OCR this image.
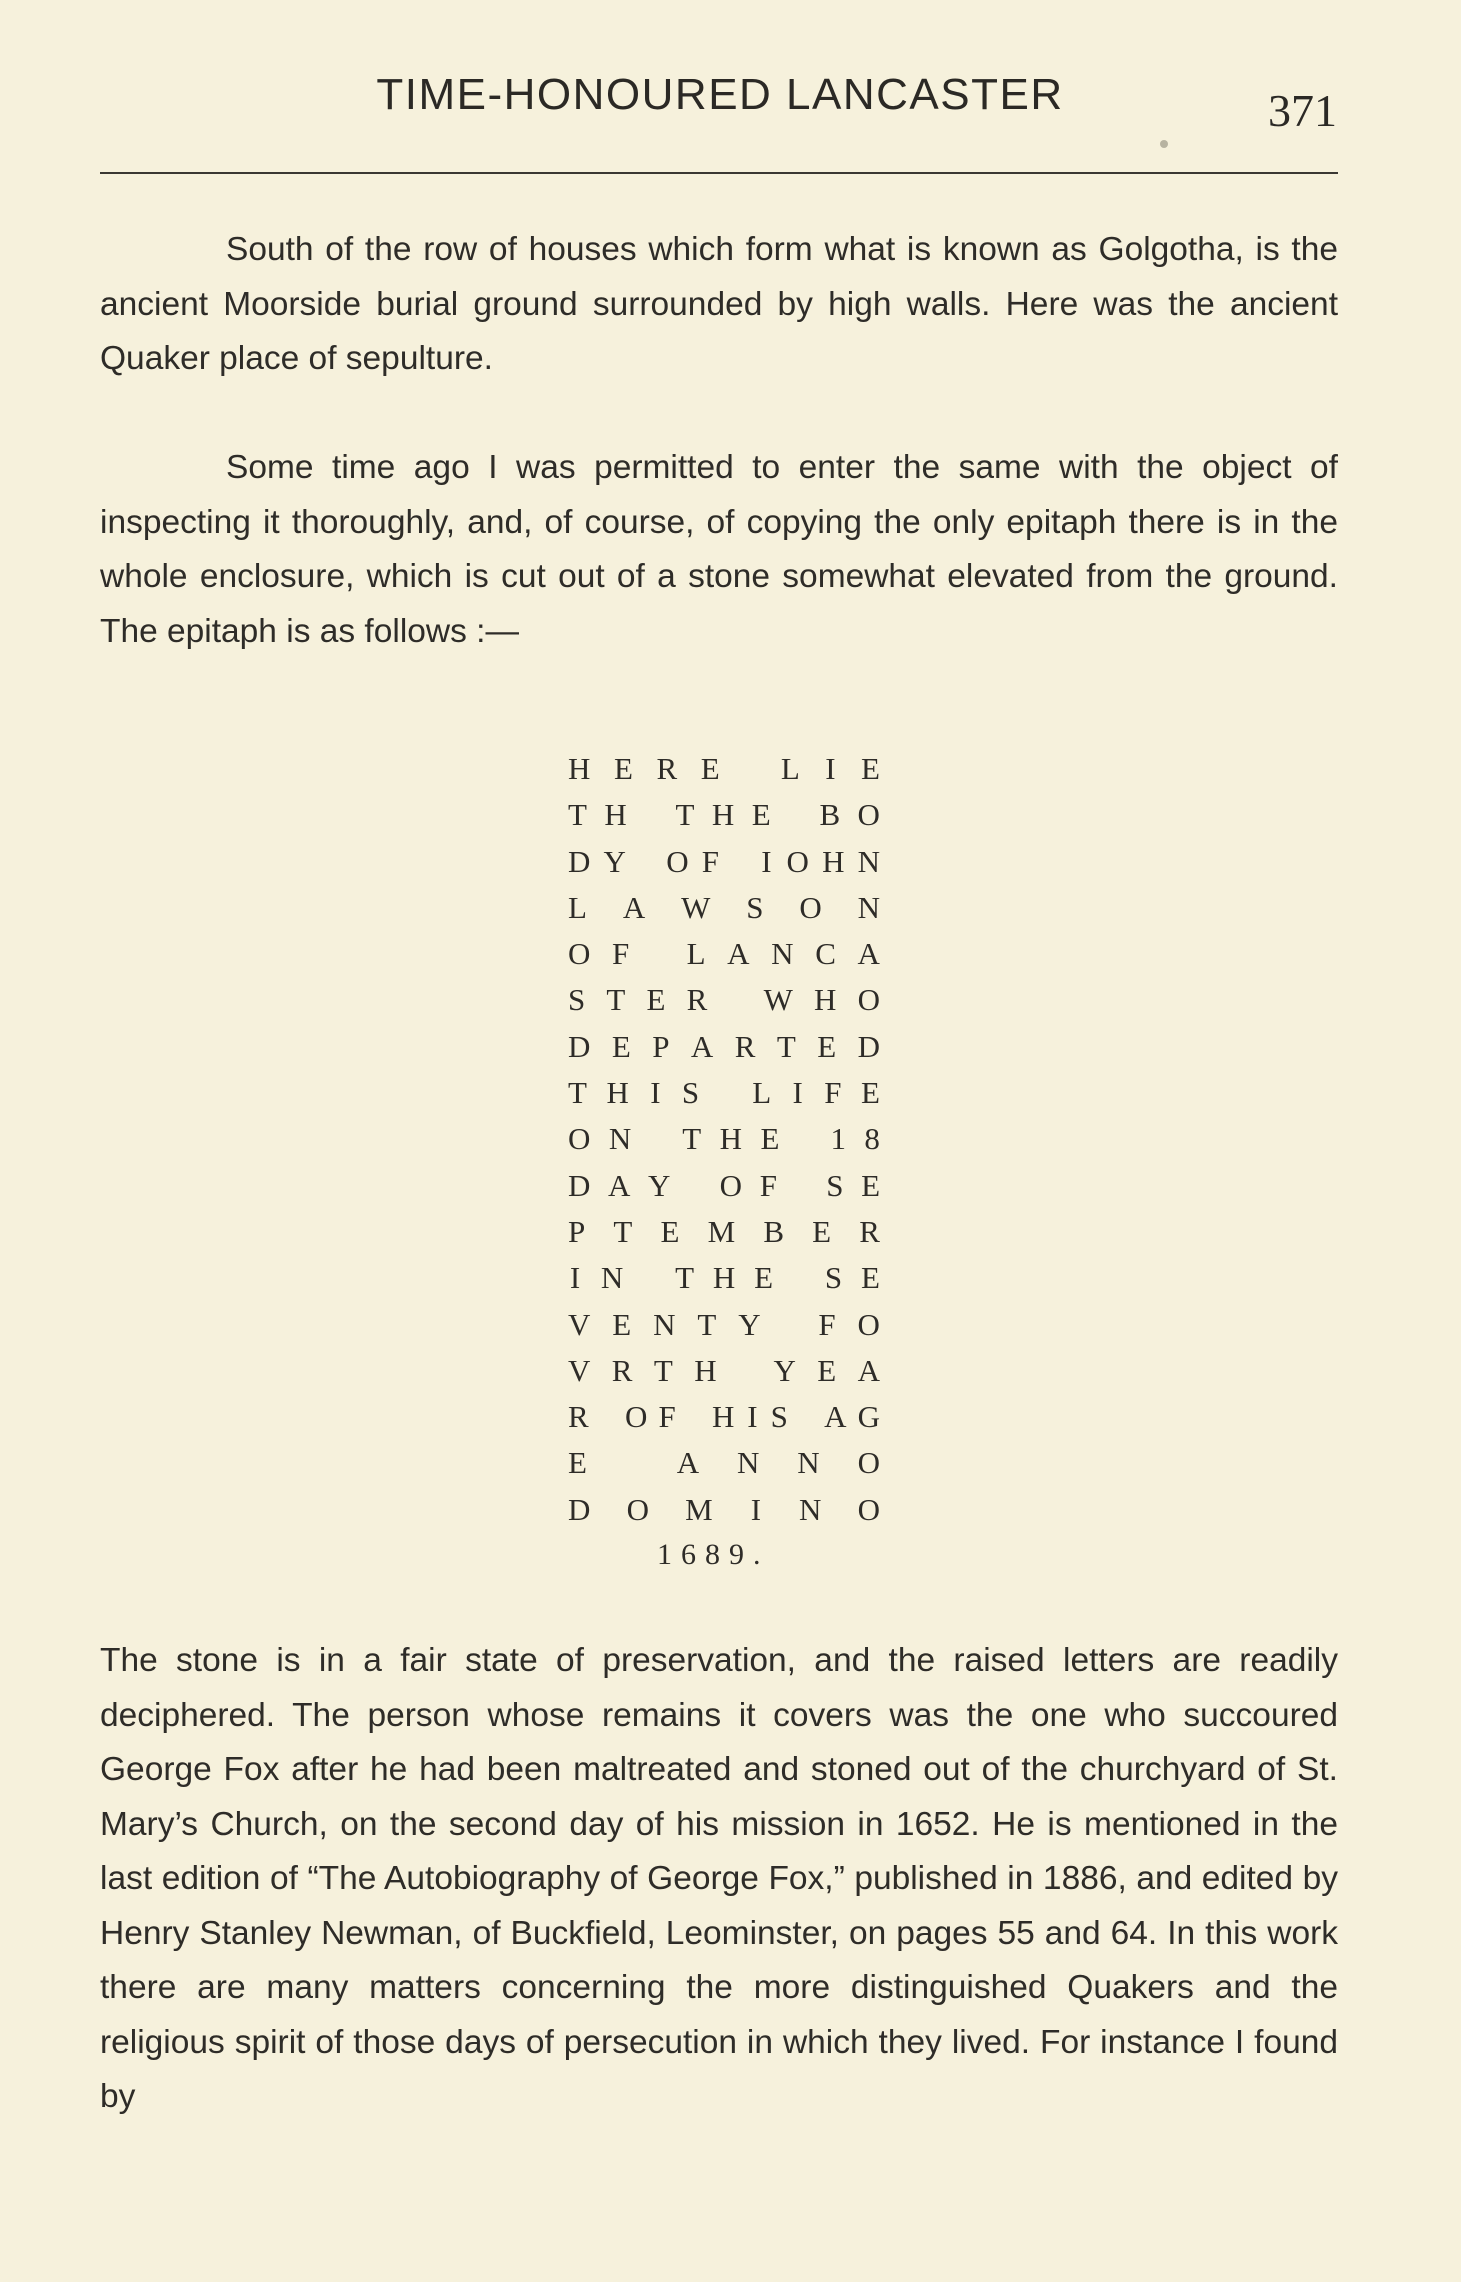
TIME-HONOURED LANCASTER	371

South of the row of houses which form what is known as Golgotha, is the ancient Moorside burial ground surrounded by high walls. Here was the ancient Quaker place of sepulture.

Some time ago I was permitted to enter the same with the object of inspecting it thoroughly, and, of course, of copying the only epitaph there is in the whole enclosure, which is cut out of a stone somewhat elevated from the ground. The epitaph is as follows :—

H E R E
L I E
T H
T H E
B O
D Y
O F
I O H N
L A W S O N
O F
L A N C A
S T E R
W H O
D E P A R T E D
T H I S
L I F E
O N
T H E
1 8
D A Y
O F
S E
P T E M B E R
I N
T H E
S E
V E N T Y
F O
V R T H
Y E A
R
O F
H I S
A G
E
	A N N O
D O M I N O
1689.

The stone is in a fair state of preservation, and the raised letters are readily deciphered. The person whose remains it covers was the one who succoured George Fox after he had been maltreated and stoned out of the churchyard of St. Mary’s Church, on the second day of his mission in 1652. He is mentioned in the last edition of “The Autobiography of George Fox,” published in 1886, and edited by Henry Stanley Newman, of Buckfield, Leominster, on pages 55 and 64. In this work there are many matters concerning the more distinguished Quakers and the religious spirit of those days of persecution in which they lived. For instance I found by
